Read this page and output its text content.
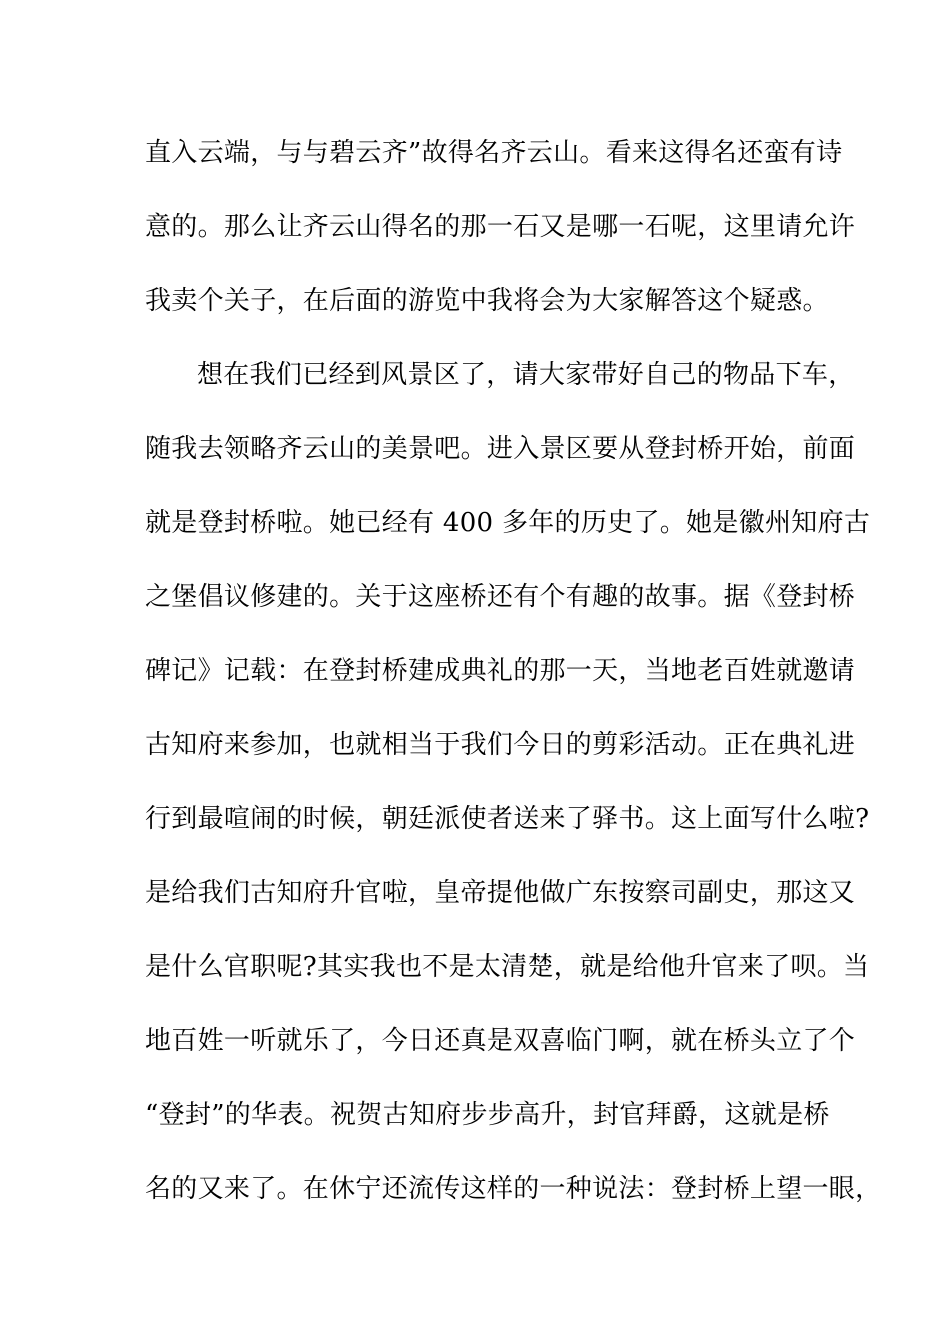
直入云端，与与碧云齐”故得名齐云山。看来这得名还蛮有诗
意的。那么让齐云山得名的那一石又是哪一石呢，这里请允许
我卖个关子，在后面的游览中我将会为大家解答这个疑惑。
想在我们已经到风景区了，请大家带好自己的物品下车，
随我去领略齐云山的美景吧。进入景区要从登封桥开始，前面
就是登封桥啦。她已经有 400 多年的历史了。她是徽州知府古
之堡倡议修建的。关于这座桥还有个有趣的故事。据《登封桥
碑记》记载：在登封桥建成典礼的那一天，当地老百姓就邀请
古知府来参加，也就相当于我们今日的剪彩活动。正在典礼进
行到最喧闹的时候，朝廷派使者送来了驿书。这上面写什么啦?
是给我们古知府升官啦，皇帝提他做广东按察司副史，那这又
是什么官职呢?其实我也不是太清楚，就是给他升官来了呗。当
地百姓一听就乐了，今日还真是双喜临门啊，就在桥头立了个
“登封”的华表。祝贺古知府步步高升，封官拜爵，这就是桥
名的又来了。在休宁还流传这样的一种说法：登封桥上望一眼，
